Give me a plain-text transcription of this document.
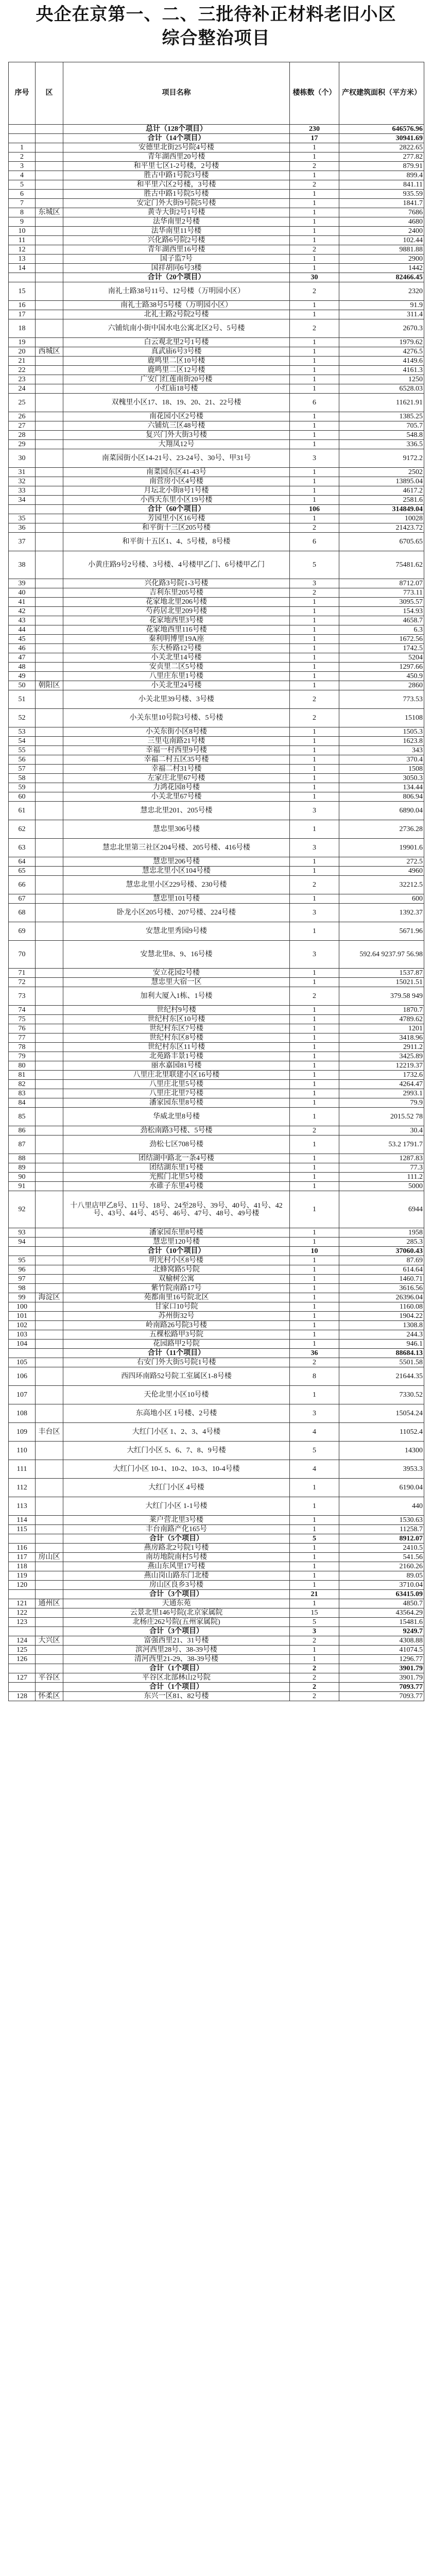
央企在京第一、二、三批待补正材料老旧小区
综合整治项目
序号	区	项目名称	楼栋数（个）	产权建筑面积（平方米）
		总计（128个项目）	230	646576.96
		合计（14个项目）	17	30941.69
1		安德里北街25号院4号楼	1	2822.65
2		青年湖西里20号楼	1	277.82
3		和平里七区1-2号楼，2号楼	2	879.91
4		胜古中路1号院3号楼	1	899.4
5		和平里六区2号楼，3号楼	2	841.11
6		胜古中路1号院5号楼	1	935.59
7		安定门外大街9号院5号楼	1	1841.7
8	东城区	黄寺大街2号1号楼	1	7686
9		法华南里2号楼	1	4680
10		法华南里11号楼	1	2400
11		兴化路6号院2号楼	1	102.44
12		青年湖西里16号楼	2	9881.88
13		国子监7号	1	2900
14		国祥胡同6号3楼	1	1442
		合计（20个项目）	30	82466.45
15		南礼士路38号11号、12号楼（万明园小区）	2	2320
16		南礼士路38号5号楼（万明园小区）	1	91.9
17		北礼士路2号院2号楼	1	311.4
18		六铺炕南小街中国水电公寓北区2号、5号楼	2	2670.3
19		白云观北里2号1号楼	1	1979.62
20	西城区	真武庙6号3号楼	1	4276.5
21		鹿鸣里二区10号楼	1	4149.6
22		鹿鸣里二区12号楼	1	4161.3
23		广安门红莲南街20号楼	1	1250
24		小红庙18号楼	1	6528.03
25		双槐里小区17、18、19、20、21、22号楼	6	11621.91
26		南花园小区2号楼	1	1385.25
27		六铺炕三区48号楼	1	705.7
28		复兴门外大街3号楼	1	548.8
29		大翔凤12号	1	336.5
30		南菜园街小区14-21号、23-24号、30号、甲31号	3	9172.2
31		南菜园东区41-43号	1	2502
32		南营房小区4号楼	1	13895.04
33		月坛北小街8号1号楼	1	4617.2
34		小西天东里小区19号楼	1	2581.6
		合计（60个项目）	106	314849.04
35		芳园里小区16号楼	1	10028
36		和平街十三区205号楼	2	21423.72
37		和平街十五区1、4、5号楼，8号楼	6	6705.65
38		小黄庄路9号2号楼、3号楼、4号楼甲乙门、6号楼甲乙门	5	75481.62
39		兴化路3号院1-3号楼	3	8712.07
40		吉利东里205号楼	2	773.11
41		花家地北里206号楼	1	3095.57
42		芍药居北里209号楼	1	154.93
43		花家地西里3号楼	1	4658.7
44		花家地西里116号楼	1	6.3
45		秦利明博里19A座	1	1672.56
46		东大桥路12号楼	1	1742.5
47		小关北里14号楼	1	5204
48		安贞里二区5号楼	1	1297.66
49		八里庄东里1号楼	1	450.9
50	朝阳区	小关北里24号楼	1	2860
51		小关北里39号楼、3号楼	2	773.53
52		小关东里10号院3号楼、5号楼	2	15108
53		小关东街小区8号楼	1	1505.3
54		三里屯南路21号楼	1	1623.8
55		幸福一村西里9号楼	1	343
56		幸福二村五区35号楼	1	370.4
57		幸福二村31号楼	1	1508
58		左家庄北里67号楼	1	3050.3
59		力鸿花园8号楼	1	134.44
60		小关北里67号楼	1	806.94
61		慧忠北里201、205号楼	3	6890.04
62		慧忠里306号楼	1	2736.28
63		慧忠北里第三社区204号楼、205号楼、416号楼	3	19901.6
64		慧忠里206号楼	1	272.5
65		慧忠北里小区104号楼	1	4960
66		慧忠北里小区229号楼、230号楼	2	32212.5
67		慧忠里101号楼	1	600
68		卧龙小区205号楼、207号楼、224号楼	3	1392.37
69		安慧北里秀园9号楼	1	5671.96
70		安慧北里8、9、16号楼	3	592.64 9237.97 56.98
71		安立花园2号楼	1	1537.87
72		慧忠里大宿一区	1	15021.51
73		加利大厦入1栋、1号楼	2	379.58 949
74		世纪村9号楼	1	1870.7
75		世纪村东区10号楼	1	4789.62
76		世纪村东区7号楼	1	1201
77		世纪村东区8号楼	1	3418.96
78		世纪村东区11号楼	1	2911.2
79		北苑路丰景1号楼	1	3425.89
80		丽水嘉园81号楼	1	12219.37
81		八里庄北里联建小区16号楼	1	1732.6
82		八里庄北里5号楼	1	4264.47
83		八里庄北里7号楼	1	2993.1
84		潘家园东里8号楼	1	79.9
85		华威北里8号楼	1	2015.52 78
86		劲松南路3号楼、5号楼	2	30.4
87		劲松七区708号楼	1	53.2 1791.7
88		团结湖中路北一条4号楼	1	1287.83
89		团结湖东里1号楼	1	77.3
90		光熙门北里5号楼	1	111.2
91		水碓子东里4号楼	1	5000
92		十八里店甲乙8号、11号、18号、24至28号、39号、40号、41号、42号、43号、44号、45号、46号、47号、48号、49号楼	1	6944
93		潘家园东里8号楼	1	1958
94		慧忠里120号楼	1	285.3
		合计（10个项目）	10	37060.43
95		明光村小区8号楼	1	87.69
96		北蜂窝路5号院	1	614.64
97		双榆树公寓	1	1460.71
98		紫竹院南路17号	1	3616.56
99	海淀区	苑都南里16号院北区	1	26396.04
100		甘家口10号院	1	1160.08
101		苏州街32号	1	1904.22
102		岭南路26号院3号楼	1	1308.8
103		五棵松路甲3号院	1	244.3
104		花园路甲2号院	1	946.1
		合计（11个项目）	36	88684.13
105		右安门外大街5号院1号楼	2	5501.58
106		西四环南路52号院工室属区1-8号楼	8	21644.35
107		天伦北里小区10号楼	1	7330.52
108		东高地小区 1号楼、2号楼	3	15054.24
109	丰台区	大红门小区 1、2、3、4号楼	4	11052.4
110		大红门小区 5、6、7、8、9号楼	5	14300
111		大红门小区 10-1、10-2、10-3、10-4号楼	4	3953.3
112		大红门小区 4号楼	1	6190.04
113		大红门小区 1-1号楼	1	440
114		莱户营北里3号楼	1	1530.63
115		丰台南路产化165号	1	11258.7
		合计（5个项目）	5	8912.07
116		燕房路北2号院1号楼	1	2410.5
117	房山区	南坊地院南村5号楼	1	541.56
118		燕山东风里17号楼	1	2160.26
119		燕山岗山路东门北楼	1	89.05
120		房山区良乡3号楼	1	3710.04
		合计（3个项目）	21	63415.09
121	通州区	天通东苑	1	4850.7
122		云景北里146号院(北京家属院	15	43564.29
123		北杨庄262号院(五州家属院)	5	15481.6
		合计（3个项目）	3	9249.7
124	大兴区	富强西里21、31号楼	2	4308.88
125		滨河西里28号、38-39号楼	1	41074.5
126		清河西里21-29、38-39号楼	1	1296.77
		合计（1个项目）	2	3901.79
127	平谷区	平谷区北部林山2号院	2	3901.79
		合计（1个项目）	2	7093.77
128	怀柔区	东兴一区81、82号楼	2	7093.77
